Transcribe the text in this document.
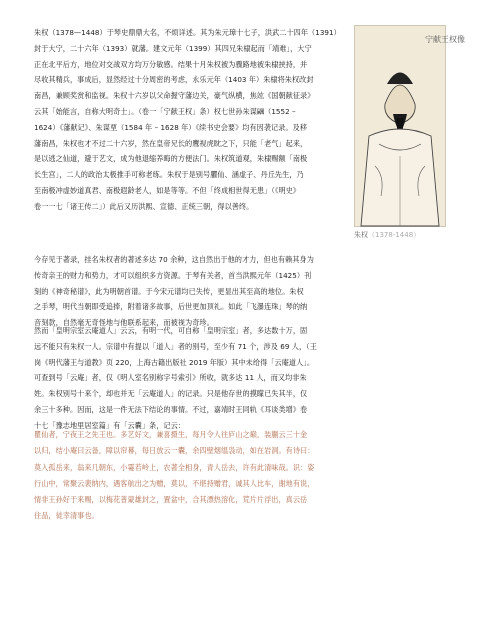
朱权（1378—1448）于琴史鼎鼎大名，不烦详述。其为朱元璋十七子，洪武二十四年（1391）
封于大宁，二十六年（1393）就藩。建文元年（1399）其四兄朱棣起而「靖难」，大宁
正在北平后方，地位对交战双方均万分敏感。结果十月朱权被为骤路地被朱棣挟持，并
尽收其精兵，事成后，显然经过十分周密的考虑，永乐元年（1403 年）朱棣将朱权改封
南昌，兼顾奖赏和监视。朱权十六岁以父命握守藩边关，豪气纵横，焦竑《国朝献征录》
云其「始能言，自称大明奇士」。（卷一「宁献王权」条）权七世孙朱谋𪕴（1552 –
1624）《藩献记》、朱谋垔（1584 年 – 1628 年）《续书史会要》均有因袭记录。及移
藩南昌，朱权也才不过二十六岁，然在皇帝兄长的鹰视虎眈之下，只能「老气」起来，
是以逃之仙道，避于艺文，成为他退缩养晦的方便法门。朱权筑道观，朱棣赐额「南极
长生宫」，二人的政治太极推手可称老练。朱权于是别号臞仙、涵虚子、丹丘先生，乃
至南极冲虚妙道真君、南极遐龄老人，如是等等。不但「终成相世得无患」（《明史》
卷一一七「诸王传二」）此后又历洪熙、宣德、正统三朝，得以善终。
宁献王权像
朱权（1378-1448）
今存见于著录，挂名朱权者的著述多达 70 余种，这自然出于他的才力，但也有赖其身为
传奇亲王的财力和势力，才可以组织多方资源。于琴有关者，首当洪熙元年（1425）刊
刻的《神奇秘谱》，此为明朝首谱。于今宋元谱均已失传，更显出其至高的地位。朱权
之手琴，明代当朝即受追捧，附着诸多故事，后世更加顶礼。如此「飞瀑连珠」琴的纳
音刻款，自然毫无奇怪地与他联系起来，而被视为奇珍。
然而「皇明宗室云庵道人」云云，有明一代，可自称「皇明宗室」者，多达数十万，固
远不能只有朱权一人。宗谱中有提以「道人」者的别号，至少有 71 个，涉及 69 人，（王
岗《明代藩王与道教》页 220，上海古籍出版社 2019 年版）其中未给得「云庵道人」。
可查到号「云庵」者，仅《明人室名别称字号索引》所收，就多达 11 人，而又均非朱
姓。朱权别号十来个，却也并无「云庵道人」的记录。只是他存世的摸矇已失其半，仅
余三十多种。因而，这是一件无法下结论的事情。不过，嘉靖时王同轨《耳谈类增》卷
十七「豫志地里居室篇」有「云囊」条，记云：
瞿仙者，宁夜王之先王也。多艺好文，兼喜摄生，每月令人往庐山之巅，装蒯云三十金
以归，结小庵曰云备，障以帘幕，每日放云一囊，余四壁烟缊袅动，如在岩洞。有诗曰：
莫入孤岳来，翁来几朝东，小霎若岭上，农著全相身，青人岳去，许有此清味哉。识：姿
行山中，常聚云裴纳内，遇客航出之为赠，莫以，不堪持赠君，诚其人比车，谢地有说，
情非王孙好于来赐，以梅花普蒙雄封之，置盆中，合其漂热溶化，荒片片浮出，真云岳
住品，徒幸清事也。
